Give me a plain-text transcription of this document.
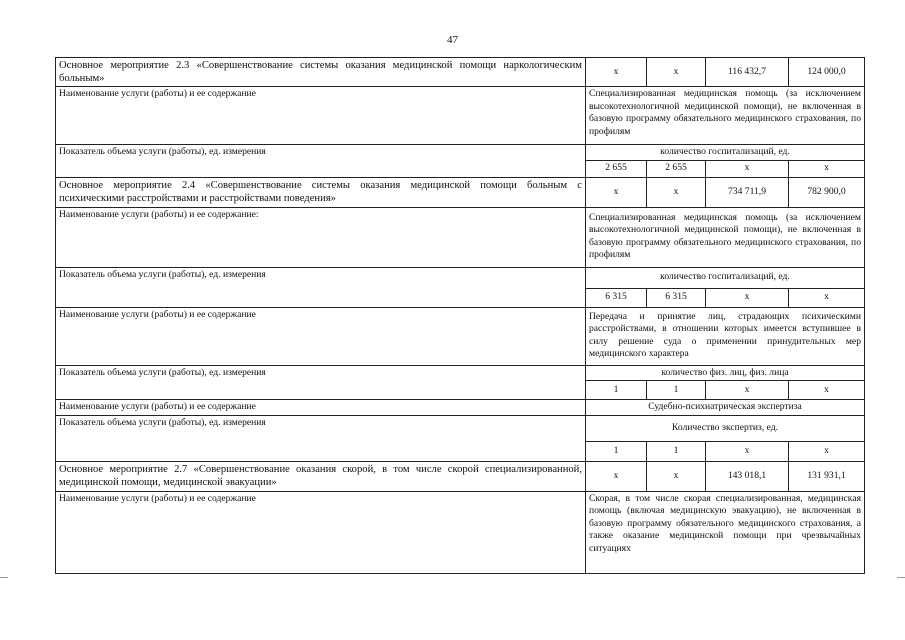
47
Основное мероприятие 2.3 «Совершенствование системы оказания медицинской помощи наркологическим больным»	х	х	116 432,7	124 000,0
Наименование услуги (работы) и ее содержание	Специализированная медицинская помощь (за исключением высокотехнологичной медицинской помощи), не включенная в базовую программу обязательного медицинского страхования, по профилям			
Показатель объема услуги (работы), ед. измерения	количество госпитализаций, ед.			
	2 655	2 655	х	х
Основное мероприятие 2.4 «Совершенствование системы оказания медицинской помощи больным с психическими расстройствами и расстройствами поведения»	х	х	734 711,9	782 900,0
Наименование услуги (работы) и ее содержание:	Специализированная медицинская помощь (за исключением высокотехнологичной медицинской помощи), не включенная в базовую программу обязательного медицинского страхования, по профилям			
Показатель объема услуги (работы), ед. измерения	количество госпитализаций, ед.			
	6 315	6 315	х	х
Наименование услуги (работы) и ее содержание	Передача и принятие лиц, страдающих психическими расстройствами, в отношении которых имеется вступившее в силу решение суда о применении принудительных мер медицинского характера			
Показатель объема услуги (работы), ед. измерения	количество физ. лиц, физ. лица			
	1	1	х	х
Наименование услуги (работы) и ее содержание	Судебно-психиатрическая экспертиза			
Показатель объема услуги (работы), ед. измерения	Количество экспертиз, ед.			
	1	1	х	х
Основное мероприятие 2.7 «Совершенствование оказания скорой, в том числе скорой специализированной, медицинской помощи, медицинской эвакуации»	х	х	143 018,1	131 931,1
Наименование услуги (работы) и ее содержание	Скорая, в том числе скорая специализированная, медицинская помощь (включая медицинскую эвакуацию), не включенная в базовую программу обязательного медицинского страхования, а также оказание медицинской помощи при чрезвычайных ситуациях			
